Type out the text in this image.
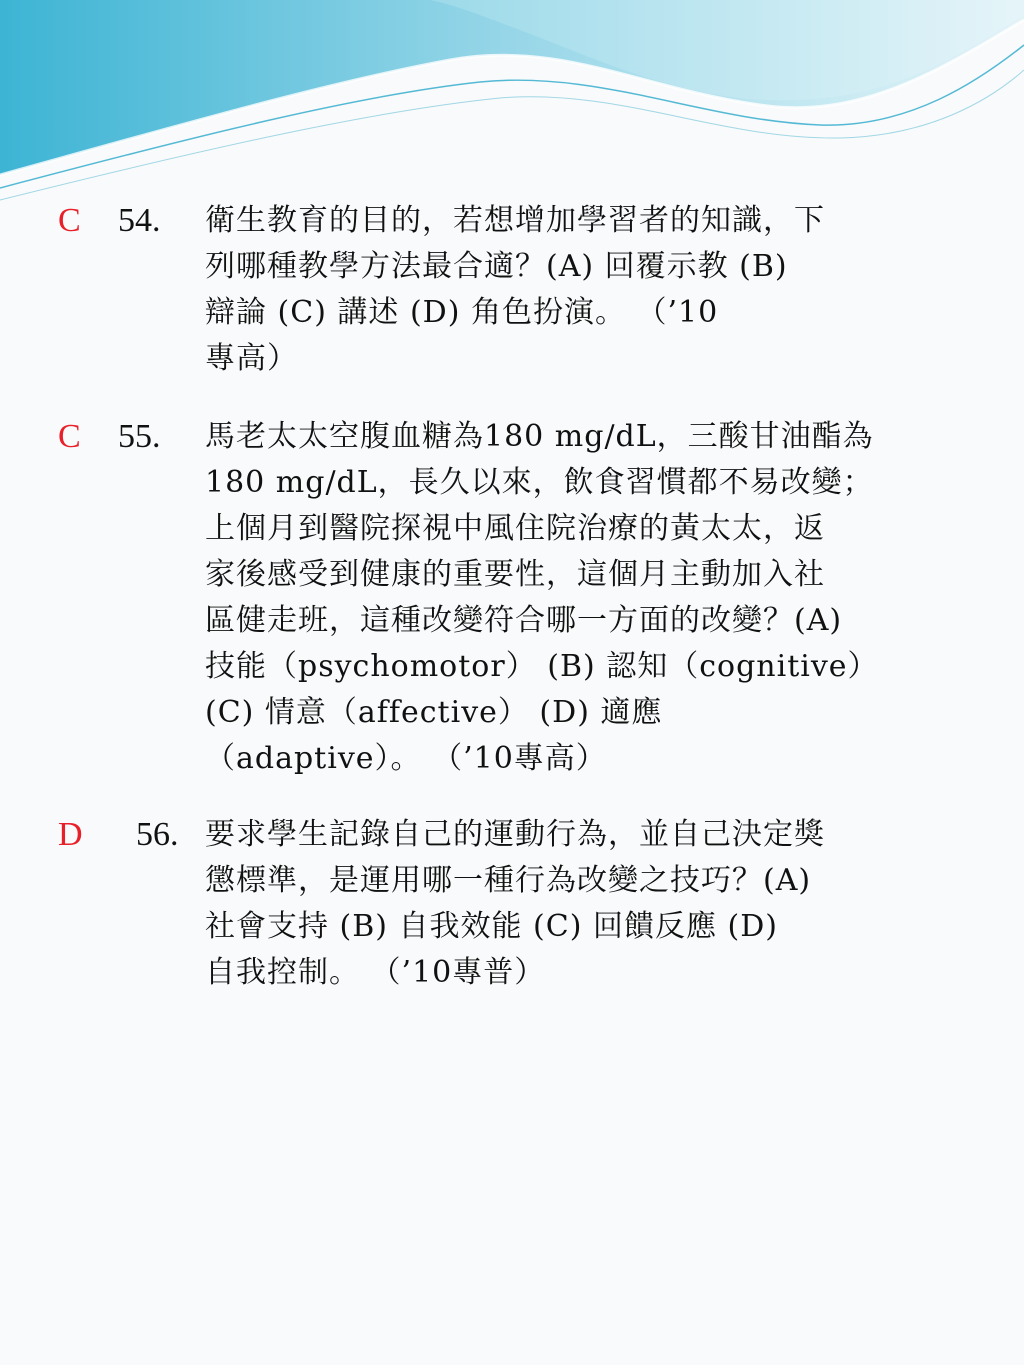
C 54. 衛生教育的目的，若想增加學習者的知識，下
列哪種教學方法最合適？(A) 回覆示教 (B)
辯論 (C) 講述 (D) 角色扮演。 （’10
專高）
C 55. 馬老太太空腹血糖為180 mg/dL，三酸甘油酯為
180 mg/dL，長久以來，飲食習慣都不易改變；
上個月到醫院探視中風住院治療的黃太太，返
家後感受到健康的重要性，這個月主動加入社
區健走班，這種改變符合哪一方面的改變？(A)
技能（psychomotor） (B) 認知（cognitive）
(C) 情意（affective） (D) 適應
（adaptive）。 （’10專高）
D 56. 要求學生記錄自己的運動行為，並自己決定獎
懲標準，是運用哪一種行為改變之技巧？(A)
社會支持 (B) 自我效能 (C) 回饋反應 (D)
自我控制。 （’10專普）
